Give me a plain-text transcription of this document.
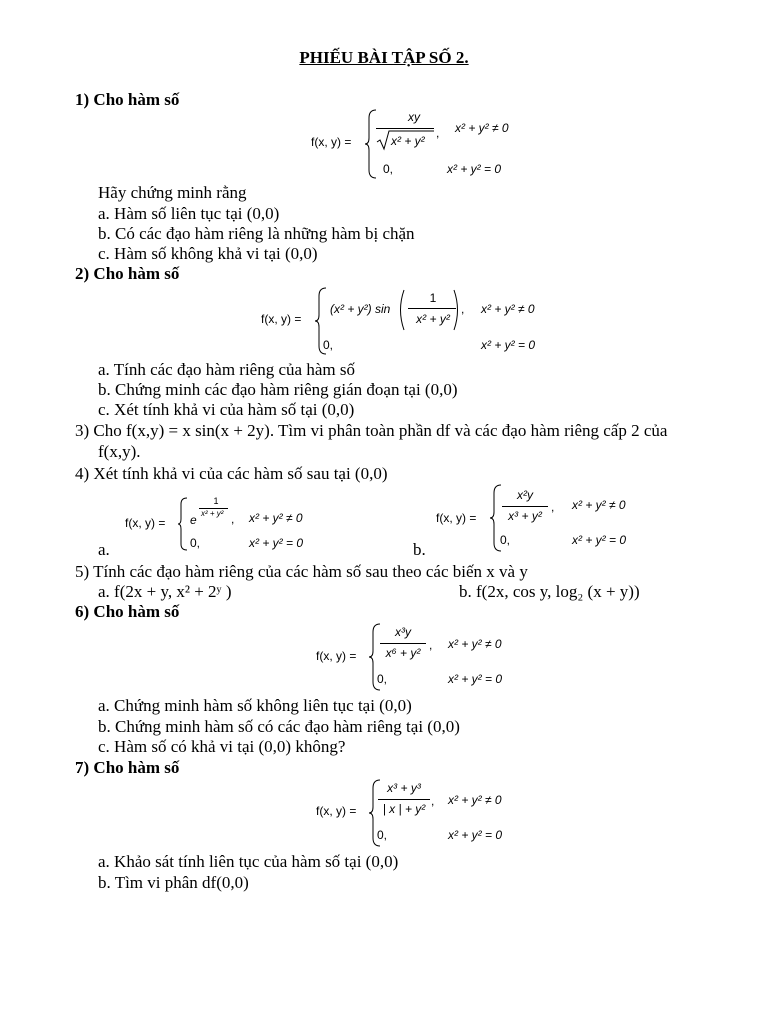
PHIẾU BÀI TẬP SỐ 2.
1) Cho hàm số
f(x, y) =
xy
x² + y²
, x² + y² ≠ 0
0,	x² + y² = 0
Hãy chứng minh rằng
a. Hàm số liên tục tại (0,0)
b. Có các đạo hàm riêng là những hàm bị chặn
c. Hàm số không khả vi tại (0,0)
2) Cho hàm số
f(x, y) =
(x² + y²) sin
1
x² + y²
, x² + y² ≠ 0
0,	x² + y² = 0
a. Tính các đạo hàm riêng của hàm số
b. Chứng minh các đạo hàm riêng gián đoạn tại (0,0)
c. Xét tính khả vi của hàm số tại (0,0)
3) Cho f(x,y) = x sin(x + 2y). Tìm vi phân toàn phần df và các đạo hàm riêng cấp 2 của
f(x,y).
4) Xét tính khả vi của các hàm số sau tại (0,0)
f(x, y) = e
1
x² + y² , x² + y² ≠ 0
0,	x² + y² = 0
a.
f(x, y) =
x²y
x³ + y²
, x² + y² ≠ 0
0,	x² + y² = 0
b.
5) Tính các đạo hàm riêng của các hàm số sau theo các biến x và y
a. f(2x + y, x² + 2ʸ )	b. f(2x, cos y, log₂ (x + y))
6) Cho hàm số
f(x, y) =
x³y
x⁶ + y²
, x² + y² ≠ 0
0,	x² + y² = 0
a. Chứng minh hàm số không liên tục tại (0,0)
b. Chứng minh hàm số có các đạo hàm riêng tại (0,0)
c. Hàm số có khả vi tại (0,0) không?
7) Cho hàm số
f(x, y) =
x³ + y³
| x | + y²
, x² + y² ≠ 0
0,	x² + y² = 0
a. Khảo sát tính liên tục của hàm số tại (0,0)
b. Tìm vi phân df(0,0)
